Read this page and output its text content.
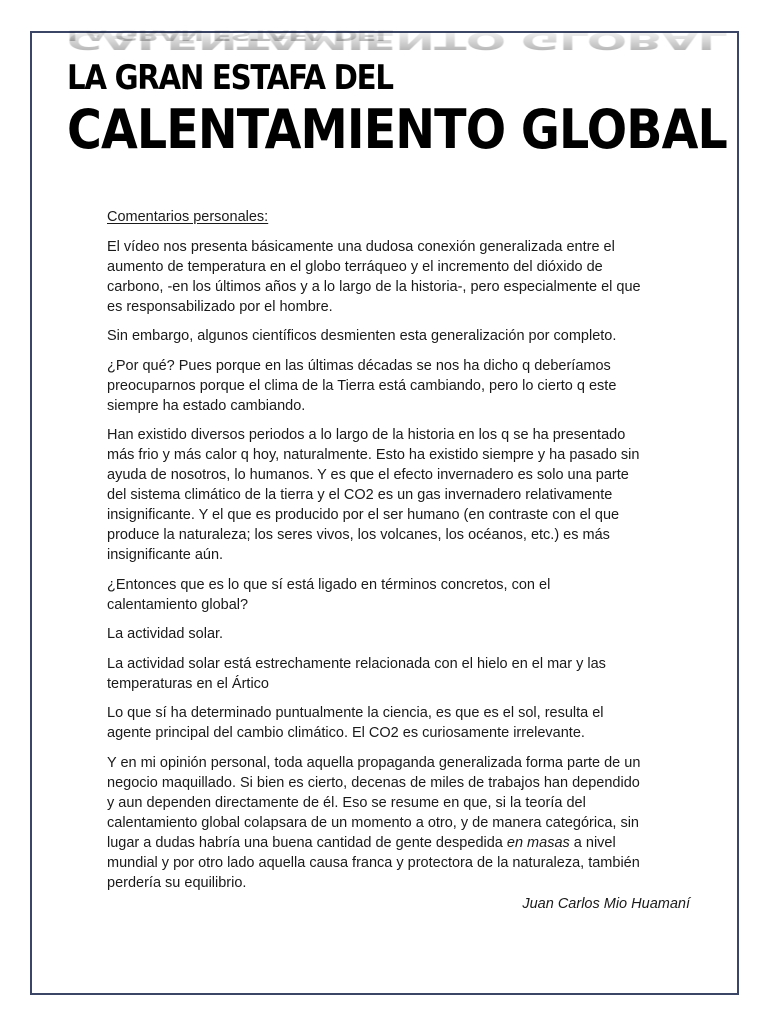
LA GRAN ESTAFA DEL LA GRAN ESTAFA DEL
CALENTAMIENTO GLOBAL CALENTAMIENTO GLOBAL

Comentarios personales:

El vídeo nos presenta básicamente una dudosa conexión generalizada entre el
aumento de temperatura en el globo terráqueo y el incremento del dióxido de
carbono, -en los últimos años y a lo largo de la historia-, pero especialmente el que
es responsabilizado por el hombre.

Sin embargo, algunos científicos desmienten esta generalización por completo.

¿Por qué? Pues porque en las últimas décadas se nos ha dicho q deberíamos
preocuparnos porque el clima de la Tierra está cambiando, pero lo cierto q este
siempre ha estado cambiando.

Han existido diversos periodos a lo largo de la historia en los q se ha presentado
más frio y más calor q hoy, naturalmente. Esto ha existido siempre y ha pasado sin
ayuda de nosotros, lo humanos. Y es que el efecto invernadero es solo una parte
del sistema climático de la tierra y el CO2 es un gas invernadero relativamente
insignificante. Y el que es producido por el ser humano (en contraste con el que
produce la naturaleza; los seres vivos, los volcanes, los océanos, etc.) es más
insignificante aún.

¿Entonces que es lo que sí está ligado en términos concretos, con el
calentamiento global?

La actividad solar.

La actividad solar está estrechamente relacionada con el hielo en el mar y las
temperaturas en el Ártico

Lo que sí ha determinado puntualmente la ciencia, es que es el sol, resulta el
agente principal del cambio climático. El CO2 es curiosamente irrelevante.

Y en mi opinión personal, toda aquella propaganda generalizada forma parte de un
negocio maquillado. Si bien es cierto, decenas de miles de trabajos han dependido
y aun dependen directamente de él. Eso se resume en que, si la teoría del
calentamiento global colapsara de un momento a otro, y de manera categórica, sin
lugar a dudas habría una buena cantidad de gente despedida en masas a nivel
mundial y por otro lado aquella causa franca y protectora de la naturaleza, también
perdería su equilibrio.

Juan Carlos Mio Huamaní
